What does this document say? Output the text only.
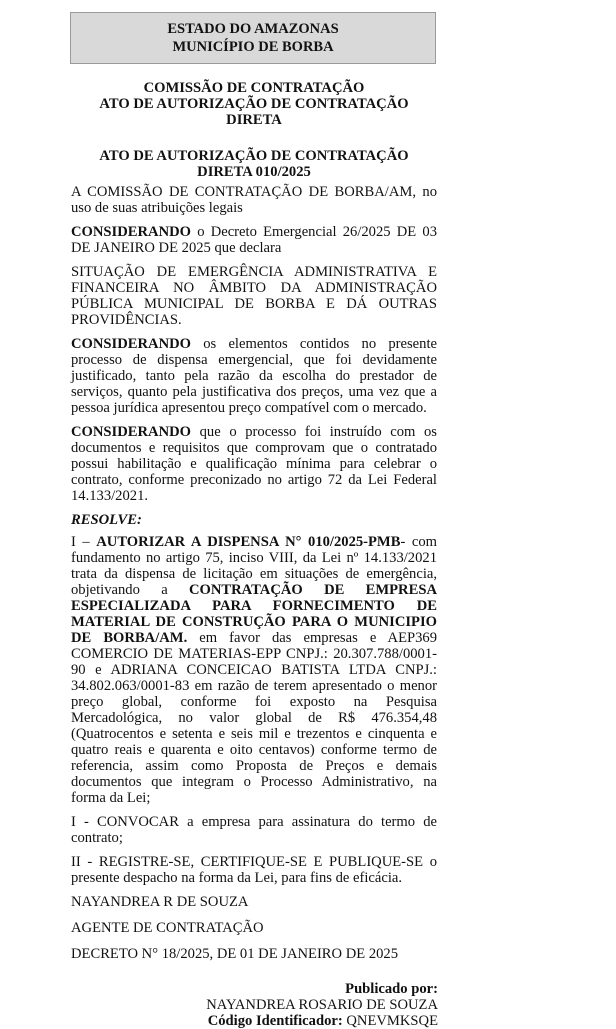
ESTADO DO AMAZONAS
MUNICÍPIO DE BORBA
COMISSÃO DE CONTRATAÇÃO
ATO DE AUTORIZAÇÃO DE CONTRATAÇÃO
DIRETA
ATO DE AUTORIZAÇÃO DE CONTRATAÇÃO
DIRETA 010/2025

A COMISSÃO DE CONTRATAÇÃO DE BORBA/AM, no uso de suas atribuições legais

CONSIDERANDO o Decreto Emergencial 26/2025 DE 03 DE JANEIRO DE 2025 que declara

SITUAÇÃO DE EMERGÊNCIA ADMINISTRATIVA E FINANCEIRA NO ÂMBITO DA ADMINISTRAÇÃO PÚBLICA MUNICIPAL DE BORBA E DÁ OUTRAS PROVIDÊNCIAS.

CONSIDERANDO os elementos contidos no presente processo de dispensa emergencial, que foi devidamente justificado, tanto pela razão da escolha do prestador de serviços, quanto pela justificativa dos preços, uma vez que a pessoa jurídica apresentou preço compatível com o mercado.

CONSIDERANDO que o processo foi instruído com os documentos e requisitos que comprovam que o contratado possui habilitação e qualificação mínima para celebrar o contrato, conforme preconizado no artigo 72 da Lei Federal 14.133/2021.

RESOLVE:

I – AUTORIZAR A DISPENSA N° 010/2025-PMB- com fundamento no artigo 75, inciso VIII, da Lei nº 14.133/2021 trata da dispensa de licitação em situações de emergência, objetivando a CONTRATAÇÃO DE EMPRESA ESPECIALIZADA PARA FORNECIMENTO DE MATERIAL DE CONSTRUÇÃO PARA O MUNICIPIO DE BORBA/AM. em favor das empresas e AEP369 COMERCIO DE MATERIAS-EPP CNPJ.: 20.307.788/0001-90 e ADRIANA CONCEICAO BATISTA LTDA CNPJ.: 34.802.063/0001-83 em razão de terem apresentado o menor preço global, conforme foi exposto na Pesquisa Mercadológica, no valor global de R$ 476.354,48 (Quatrocentos e setenta e seis mil e trezentos e cinquenta e quatro reais e quarenta e oito centavos) conforme termo de referencia, assim como Proposta de Preços e demais documentos que integram o Processo Administrativo, na forma da Lei;

I - CONVOCAR a empresa para assinatura do termo de contrato;

II - REGISTRE-SE, CERTIFIQUE-SE E PUBLIQUE-SE o presente despacho na forma da Lei, para fins de eficácia.

NAYANDREA R DE SOUZA

AGENTE DE CONTRATAÇÃO

DECRETO N° 18/2025, DE 01 DE JANEIRO DE 2025

Publicado por:
NAYANDREA ROSARIO DE SOUZA
Código Identificador: QNEVMKSQE
